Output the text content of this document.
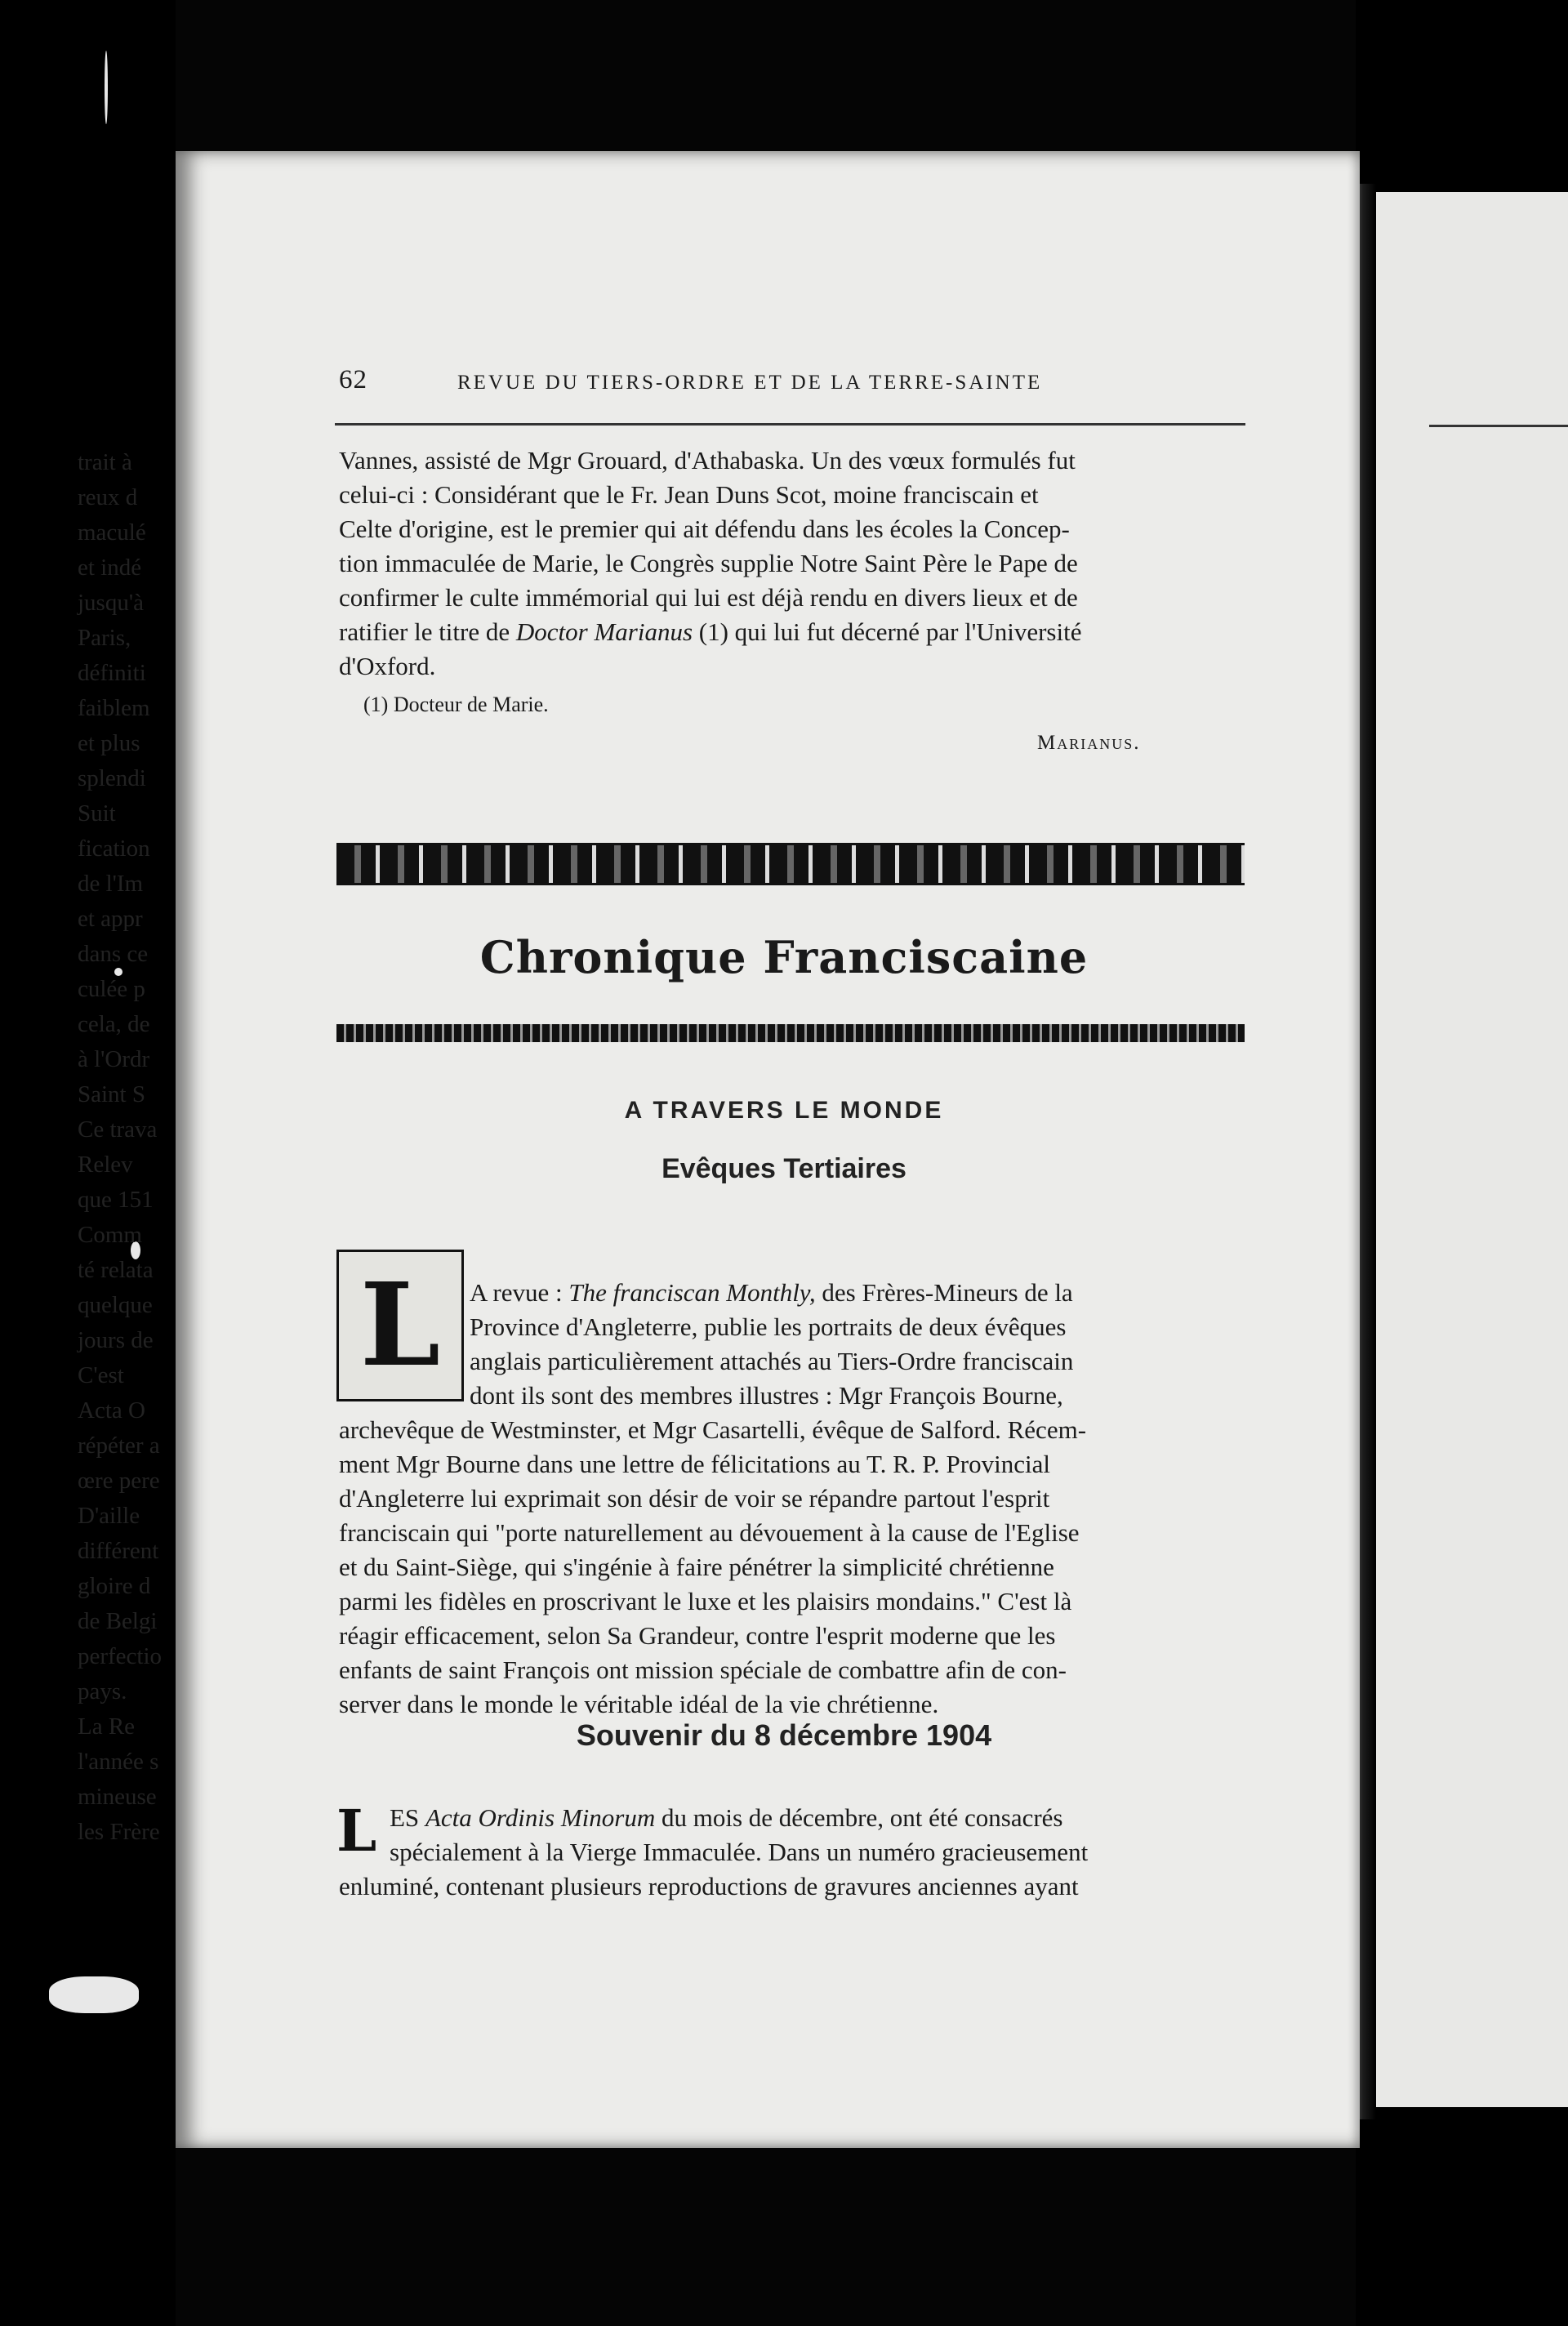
trait à
reux d
maculé
et indé
jusqu'à
Paris,
définiti
faiblem
et plus
splendi
Suit
fication
de l'Im
et appr
dans ce
culée p
cela, de
à l'Ordr
Saint S
Ce trava
Relev
que 151
Comm
té relata
quelque
jours de
C'est
Acta O
répéter a
œre pere
D'aille
différent
gloire d
de Belgi
perfectio
pays.
La Re
l'année s
mineuse
les Frère
62	REVUE DU TIERS-ORDRE ET DE LA TERRE-SAINTE
Vannes, assisté de Mgr Grouard, d'Athabaska. Un des vœux formulés fut
celui-ci : Considérant que le Fr. Jean Duns Scot, moine franciscain et
Celte d'origine, est le premier qui ait défendu dans les écoles la Concep-
tion immaculée de Marie, le Congrès supplie Notre Saint Père le Pape de
confirmer le culte immémorial qui lui est déjà rendu en divers lieux et de
ratifier le titre de Doctor Marianus (1) qui lui fut décerné par l'Université
d'Oxford.
(1) Docteur de Marie.
Marianus.
Chronique Franciscaine
A TRAVERS LE MONDE
Evêques Tertiaires
L	A revue : The franciscan Monthly, des Frères-Mineurs de la
Province d'Angleterre, publie les portraits de deux évêques
anglais particulièrement attachés au Tiers-Ordre franciscain
dont ils sont des membres illustres : Mgr François Bourne,
archevêque de Westminster, et Mgr Casartelli, évêque de Salford. Récem-
ment Mgr Bourne dans une lettre de félicitations au T. R. P. Provincial
d'Angleterre lui exprimait son désir de voir se répandre partout l'esprit
franciscain qui "porte naturellement au dévouement à la cause de l'Eglise
et du Saint-Siège, qui s'ingénie à faire pénétrer la simplicité chrétienne
parmi les fidèles en proscrivant le luxe et les plaisirs mondains." C'est là
réagir efficacement, selon Sa Grandeur, contre l'esprit moderne que les
enfants de saint François ont mission spéciale de combattre afin de con-
server dans le monde le véritable idéal de la vie chrétienne.
Souvenir du 8 décembre 1904
L ES Acta Ordinis Minorum du mois de décembre, ont été consacrés
spécialement à la Vierge Immaculée. Dans un numéro gracieusement
enluminé, contenant plusieurs reproductions de gravures anciennes ayant
